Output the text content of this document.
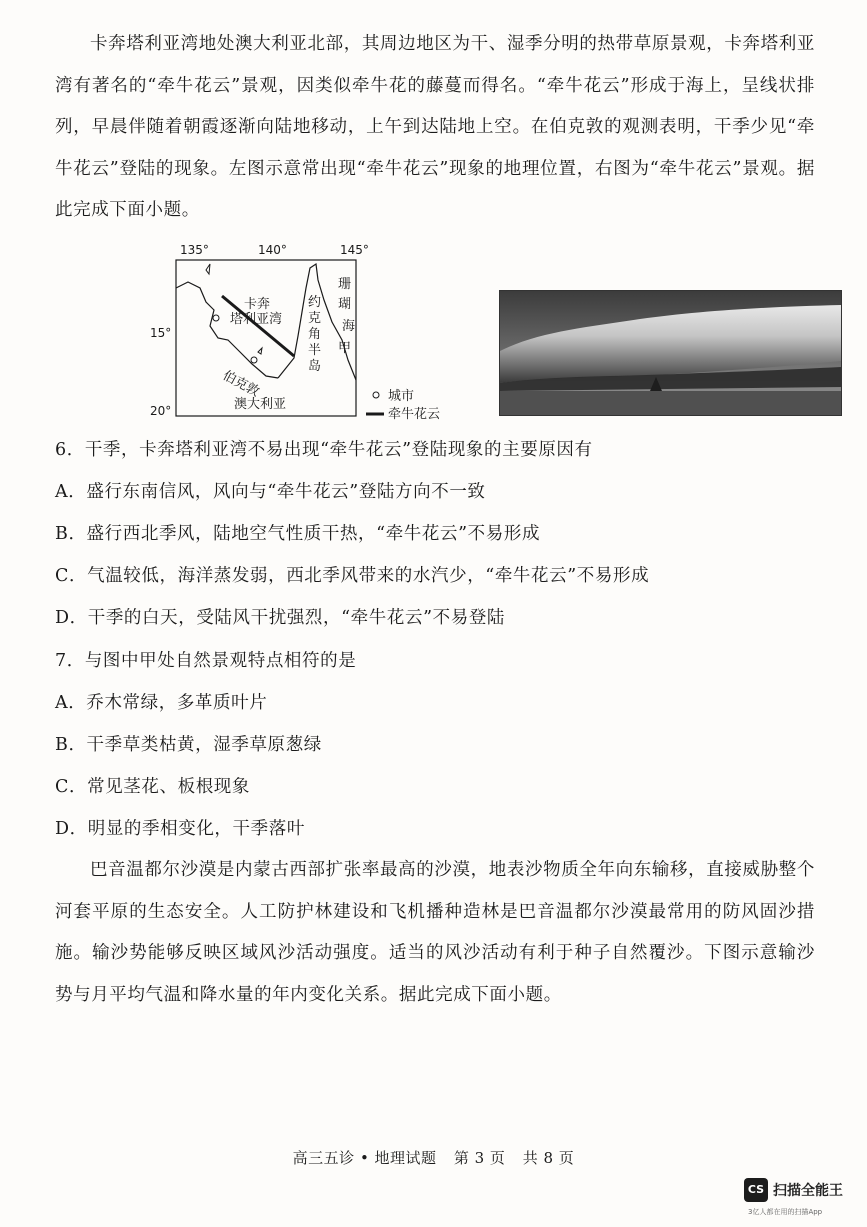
卡奔塔利亚湾地处澳大利亚北部，其周边地区为干、湿季分明的热带草原景观，卡奔塔利亚湾有著名的“牵牛花云”景观，因类似牵牛花的藤蔓而得名。“牵牛花云”形成于海上，呈线状排列，早晨伴随着朝霞逐渐向陆地移动，上午到达陆地上空。在伯克敦的观测表明，干季少见“牵牛花云”登陆的现象。左图示意常出现“牵牛花云”现象的地理位置，右图为“牵牛花云”景观。据此完成下面小题。

135°	140°	145°
15°
20°
卡奔
塔利亚湾
约
克
角
半
岛
珊
瑚
海
甲
伯克敦
澳大利亚
城市
牵牛花云

6．干季，卡奔塔利亚湾不易出现“牵牛花云”登陆现象的主要原因有

A．盛行东南信风，风向与“牵牛花云”登陆方向不一致

B．盛行西北季风，陆地空气性质干热，“牵牛花云”不易形成

C．气温较低，海洋蒸发弱，西北季风带来的水汽少，“牵牛花云”不易形成

D．干季的白天，受陆风干扰强烈，“牵牛花云”不易登陆

7．与图中甲处自然景观特点相符的是

A．乔木常绿，多革质叶片

B．干季草类枯黄，湿季草原葱绿

C．常见茎花、板根现象

D．明显的季相变化，干季落叶

巴音温都尔沙漠是内蒙古西部扩张率最高的沙漠，地表沙物质全年向东输移，直接威胁整个河套平原的生态安全。人工防护林建设和飞机播种造林是巴音温都尔沙漠最常用的防风固沙措施。输沙势能够反映区域风沙活动强度。适当的风沙活动有利于种子自然覆沙。下图示意输沙势与月平均气温和降水量的年内变化关系。据此完成下面小题。

高三五诊 • 地理试题 第 3 页 共 8 页
CS 扫描全能王
3亿人都在用的扫描App
